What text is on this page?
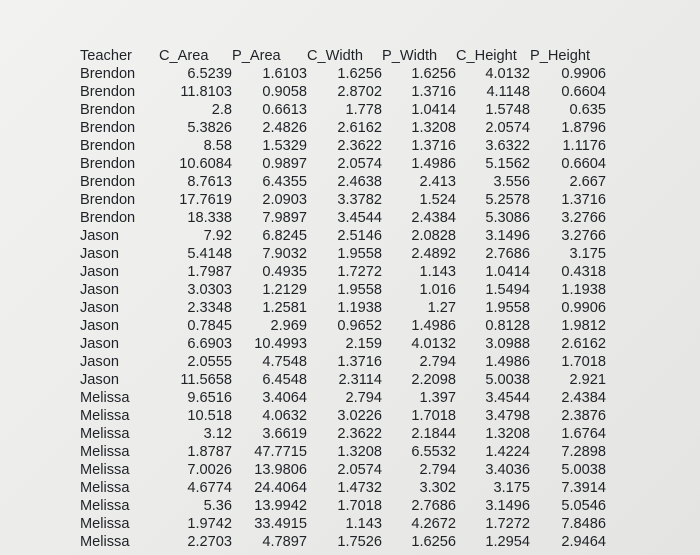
Teacher	C_Area	P_Area	C_Width	P_Width	C_Height	P_Height
Brendon	6.5239	1.6103	1.6256	1.6256	4.0132	0.9906
Brendon	11.8103	0.9058	2.8702	1.3716	4.1148	0.6604
Brendon	2.8	0.6613	1.778	1.0414	1.5748	0.635
Brendon	5.3826	2.4826	2.6162	1.3208	2.0574	1.8796
Brendon	8.58	1.5329	2.3622	1.3716	3.6322	1.1176
Brendon	10.6084	0.9897	2.0574	1.4986	5.1562	0.6604
Brendon	8.7613	6.4355	2.4638	2.413	3.556	2.667
Brendon	17.7619	2.0903	3.3782	1.524	5.2578	1.3716
Brendon	18.338	7.9897	3.4544	2.4384	5.3086	3.2766
Jason	7.92	6.8245	2.5146	2.0828	3.1496	3.2766
Jason	5.4148	7.9032	1.9558	2.4892	2.7686	3.175
Jason	1.7987	0.4935	1.7272	1.143	1.0414	0.4318
Jason	3.0303	1.2129	1.9558	1.016	1.5494	1.1938
Jason	2.3348	1.2581	1.1938	1.27	1.9558	0.9906
Jason	0.7845	2.969	0.9652	1.4986	0.8128	1.9812
Jason	6.6903	10.4993	2.159	4.0132	3.0988	2.6162
Jason	2.0555	4.7548	1.3716	2.794	1.4986	1.7018
Jason	11.5658	6.4548	2.3114	2.2098	5.0038	2.921
Melissa	9.6516	3.4064	2.794	1.397	3.4544	2.4384
Melissa	10.518	4.0632	3.0226	1.7018	3.4798	2.3876
Melissa	3.12	3.6619	2.3622	2.1844	1.3208	1.6764
Melissa	1.8787	47.7715	1.3208	6.5532	1.4224	7.2898
Melissa	7.0026	13.9806	2.0574	2.794	3.4036	5.0038
Melissa	4.6774	24.4064	1.4732	3.302	3.175	7.3914
Melissa	5.36	13.9942	1.7018	2.7686	3.1496	5.0546
Melissa	1.9742	33.4915	1.143	4.2672	1.7272	7.8486
Melissa	2.2703	4.7897	1.7526	1.6256	1.2954	2.9464
